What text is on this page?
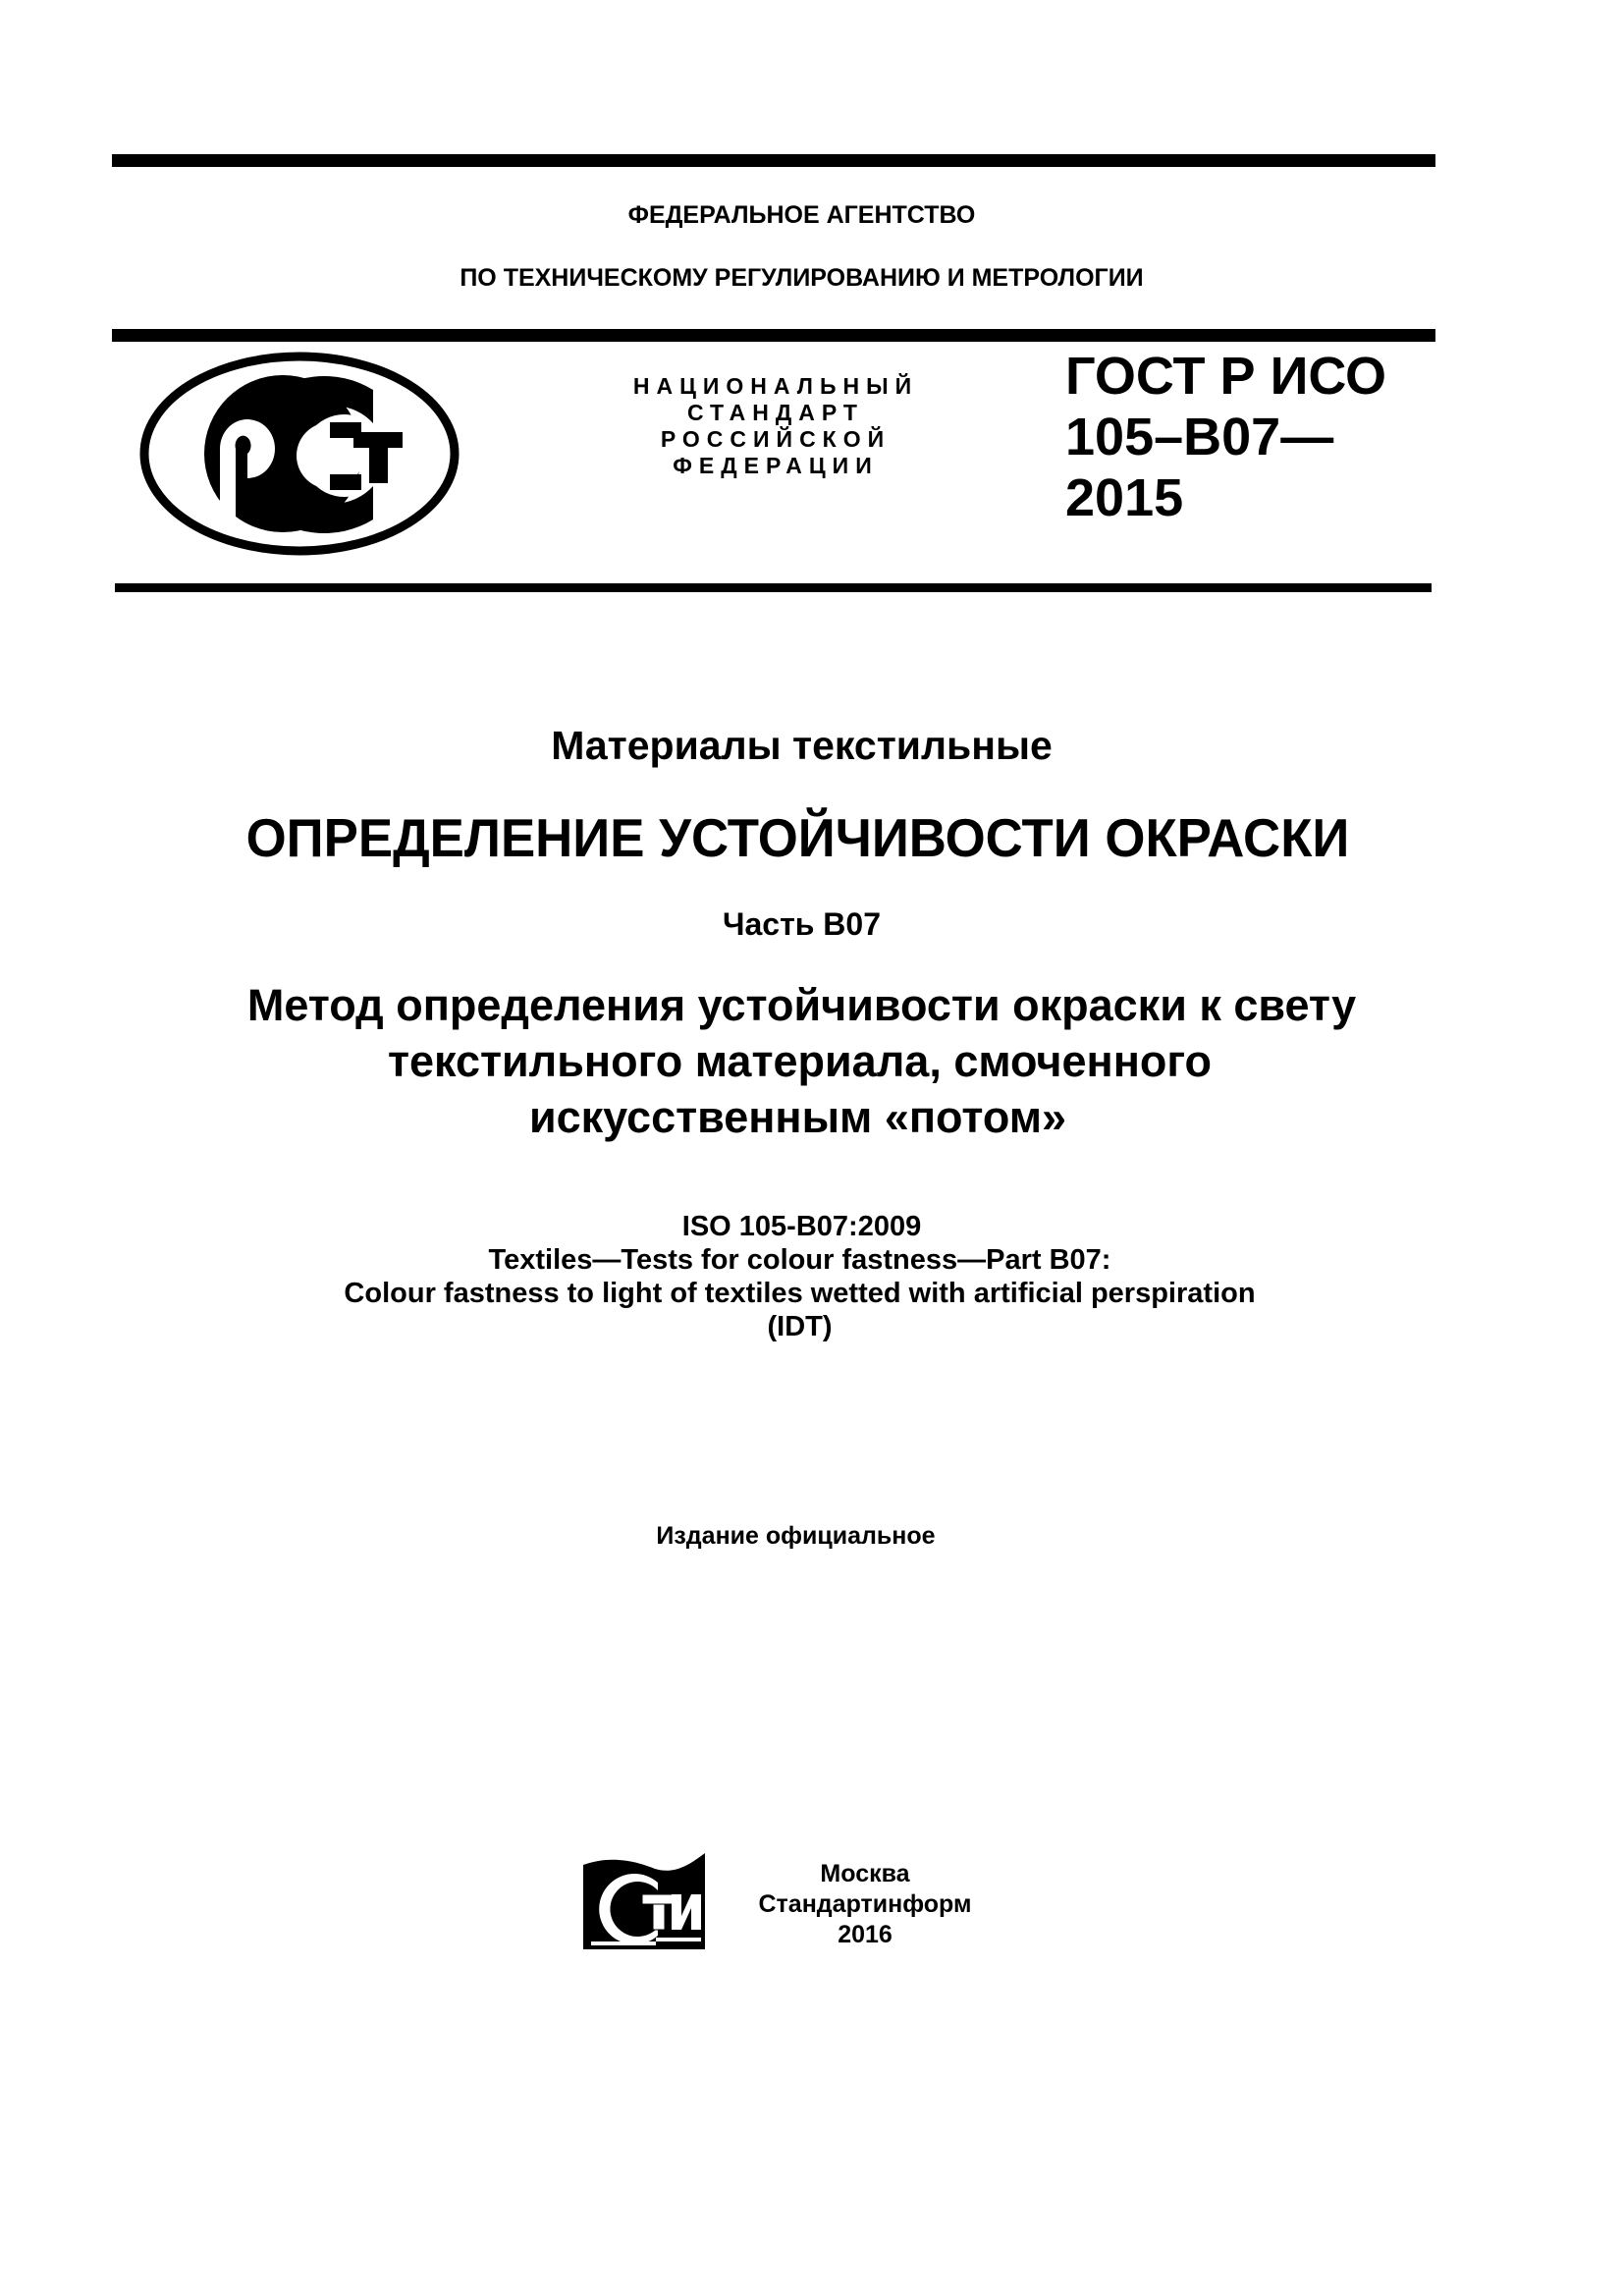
ФЕДЕРАЛЬНОЕ АГЕНТСТВО
ПО ТЕХНИЧЕСКОМУ РЕГУЛИРОВАНИЮ И МЕТРОЛОГИИ
НАЦИОНАЛЬНЫЙ
СТАНДАРТ
РОССИЙСКОЙ
ФЕДЕРАЦИИ
ГОСТ Р ИСО
105–B07—
2015
Материалы текстильные
ОПРЕДЕЛЕНИЕ УСТОЙЧИВОСТИ ОКРАСКИ
Часть B07
Метод определения устойчивости окраски к свету
текстильного материала, смоченного
искусственным «потом»
ISO 105-B07:2009
Textiles—Tests for colour fastness—Part B07:
Colour fastness to light of textiles wetted with artificial perspiration
(IDT)
Издание официальное
Москва
Стандартинформ
2016
